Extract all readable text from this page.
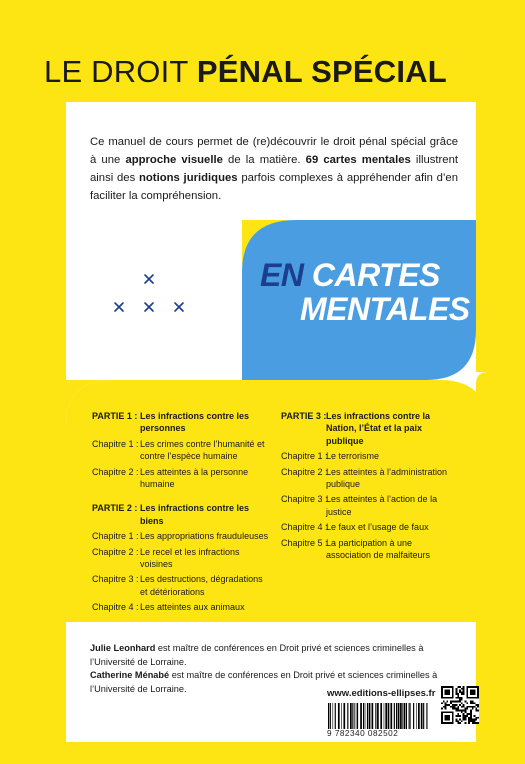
LE DROIT PÉNAL SPÉCIAL
Ce manuel de cours permet de (re)découvrir le droit pénal spécial grâce à une approche visuelle de la matière. 69 cartes mentales illustrent ainsi des notions juridiques parfois complexes à appréhender afin d’en faciliter la compréhension.
EN CARTES
MENTALES
PARTIE 1 : Les infractions contre les personnes
Chapitre 1 : Les crimes contre l’humanité et contre l’espèce humaine
Chapitre 2 : Les atteintes à la personne humaine
PARTIE 2 : Les infractions contre les biens
Chapitre 1 : Les appropriations frauduleuses
Chapitre 2 : Le recel et les infractions voisines
Chapitre 3 : Les destructions, dégradations et détériorations
Chapitre 4 : Les atteintes aux animaux
PARTIE 3 : Les infractions contre la Nation, l’État et la paix publique
Chapitre 1 :
Le terrorisme
Chapitre 2 :
Les atteintes à l’administration publique
Chapitre 3 :
Les atteintes à l’action de la justice
Chapitre 4 :
Le faux et l’usage de faux
Chapitre 5 :
La participation à une association de malfaiteurs
Julie Leonhard est maître de conférences en Droit privé et sciences criminelles à l’Université de Lorraine.
Catherine Ménabé est maître de conférences en Droit privé et sciences criminelles à l’Université de Lorraine.	www.editions-ellipses.fr
9 782340 082502
